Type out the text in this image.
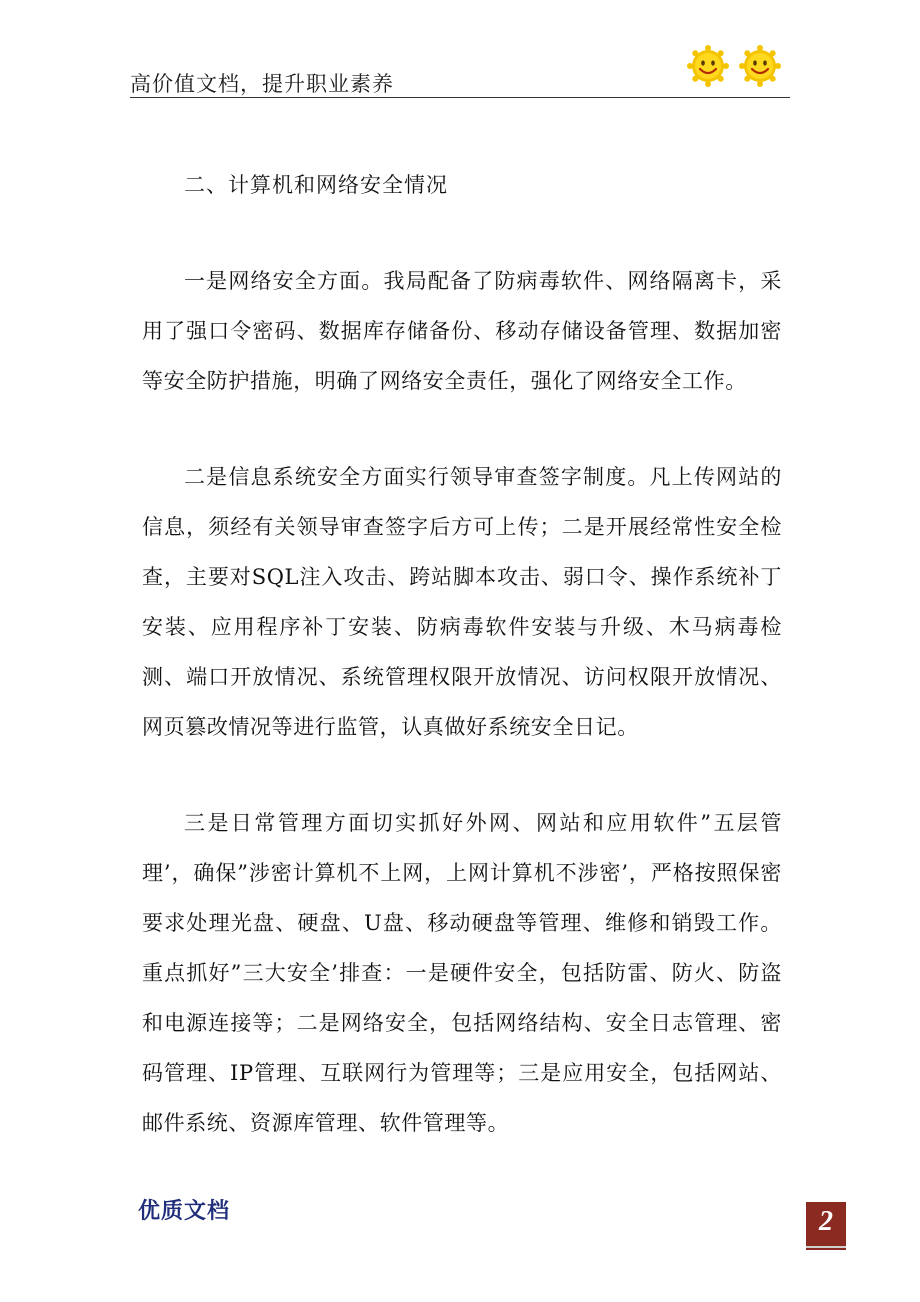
高价值文档，提升职业素养

二、计算机和网络安全情况

一是网络安全方面。我局配备了防病毒软件、网络隔离卡，采用了强口令密码、数据库存储备份、移动存储设备管理、数据加密等安全防护措施，明确了网络安全责任，强化了网络安全工作。

二是信息系统安全方面实行领导审查签字制度。凡上传网站的信息，须经有关领导审查签字后方可上传；二是开展经常性安全检查，主要对SQL注入攻击、跨站脚本攻击、弱口令、操作系统补丁安装、应用程序补丁安装、防病毒软件安装与升级、木马病毒检测、端口开放情况、系统管理权限开放情况、访问权限开放情况、网页篡改情况等进行监管，认真做好系统安全日记。

三是日常管理方面切实抓好外网、网站和应用软件”五层管理’，确保”涉密计算机不上网，上网计算机不涉密’，严格按照保密要求处理光盘、硬盘、U盘、移动硬盘等管理、维修和销毁工作。重点抓好”三大安全’排查：一是硬件安全，包括防雷、防火、防盗和电源连接等；二是网络安全，包括网络结构、安全日志管理、密码管理、IP管理、互联网行为管理等；三是应用安全，包括网站、邮件系统、资源库管理、软件管理等。

优质文档	2
